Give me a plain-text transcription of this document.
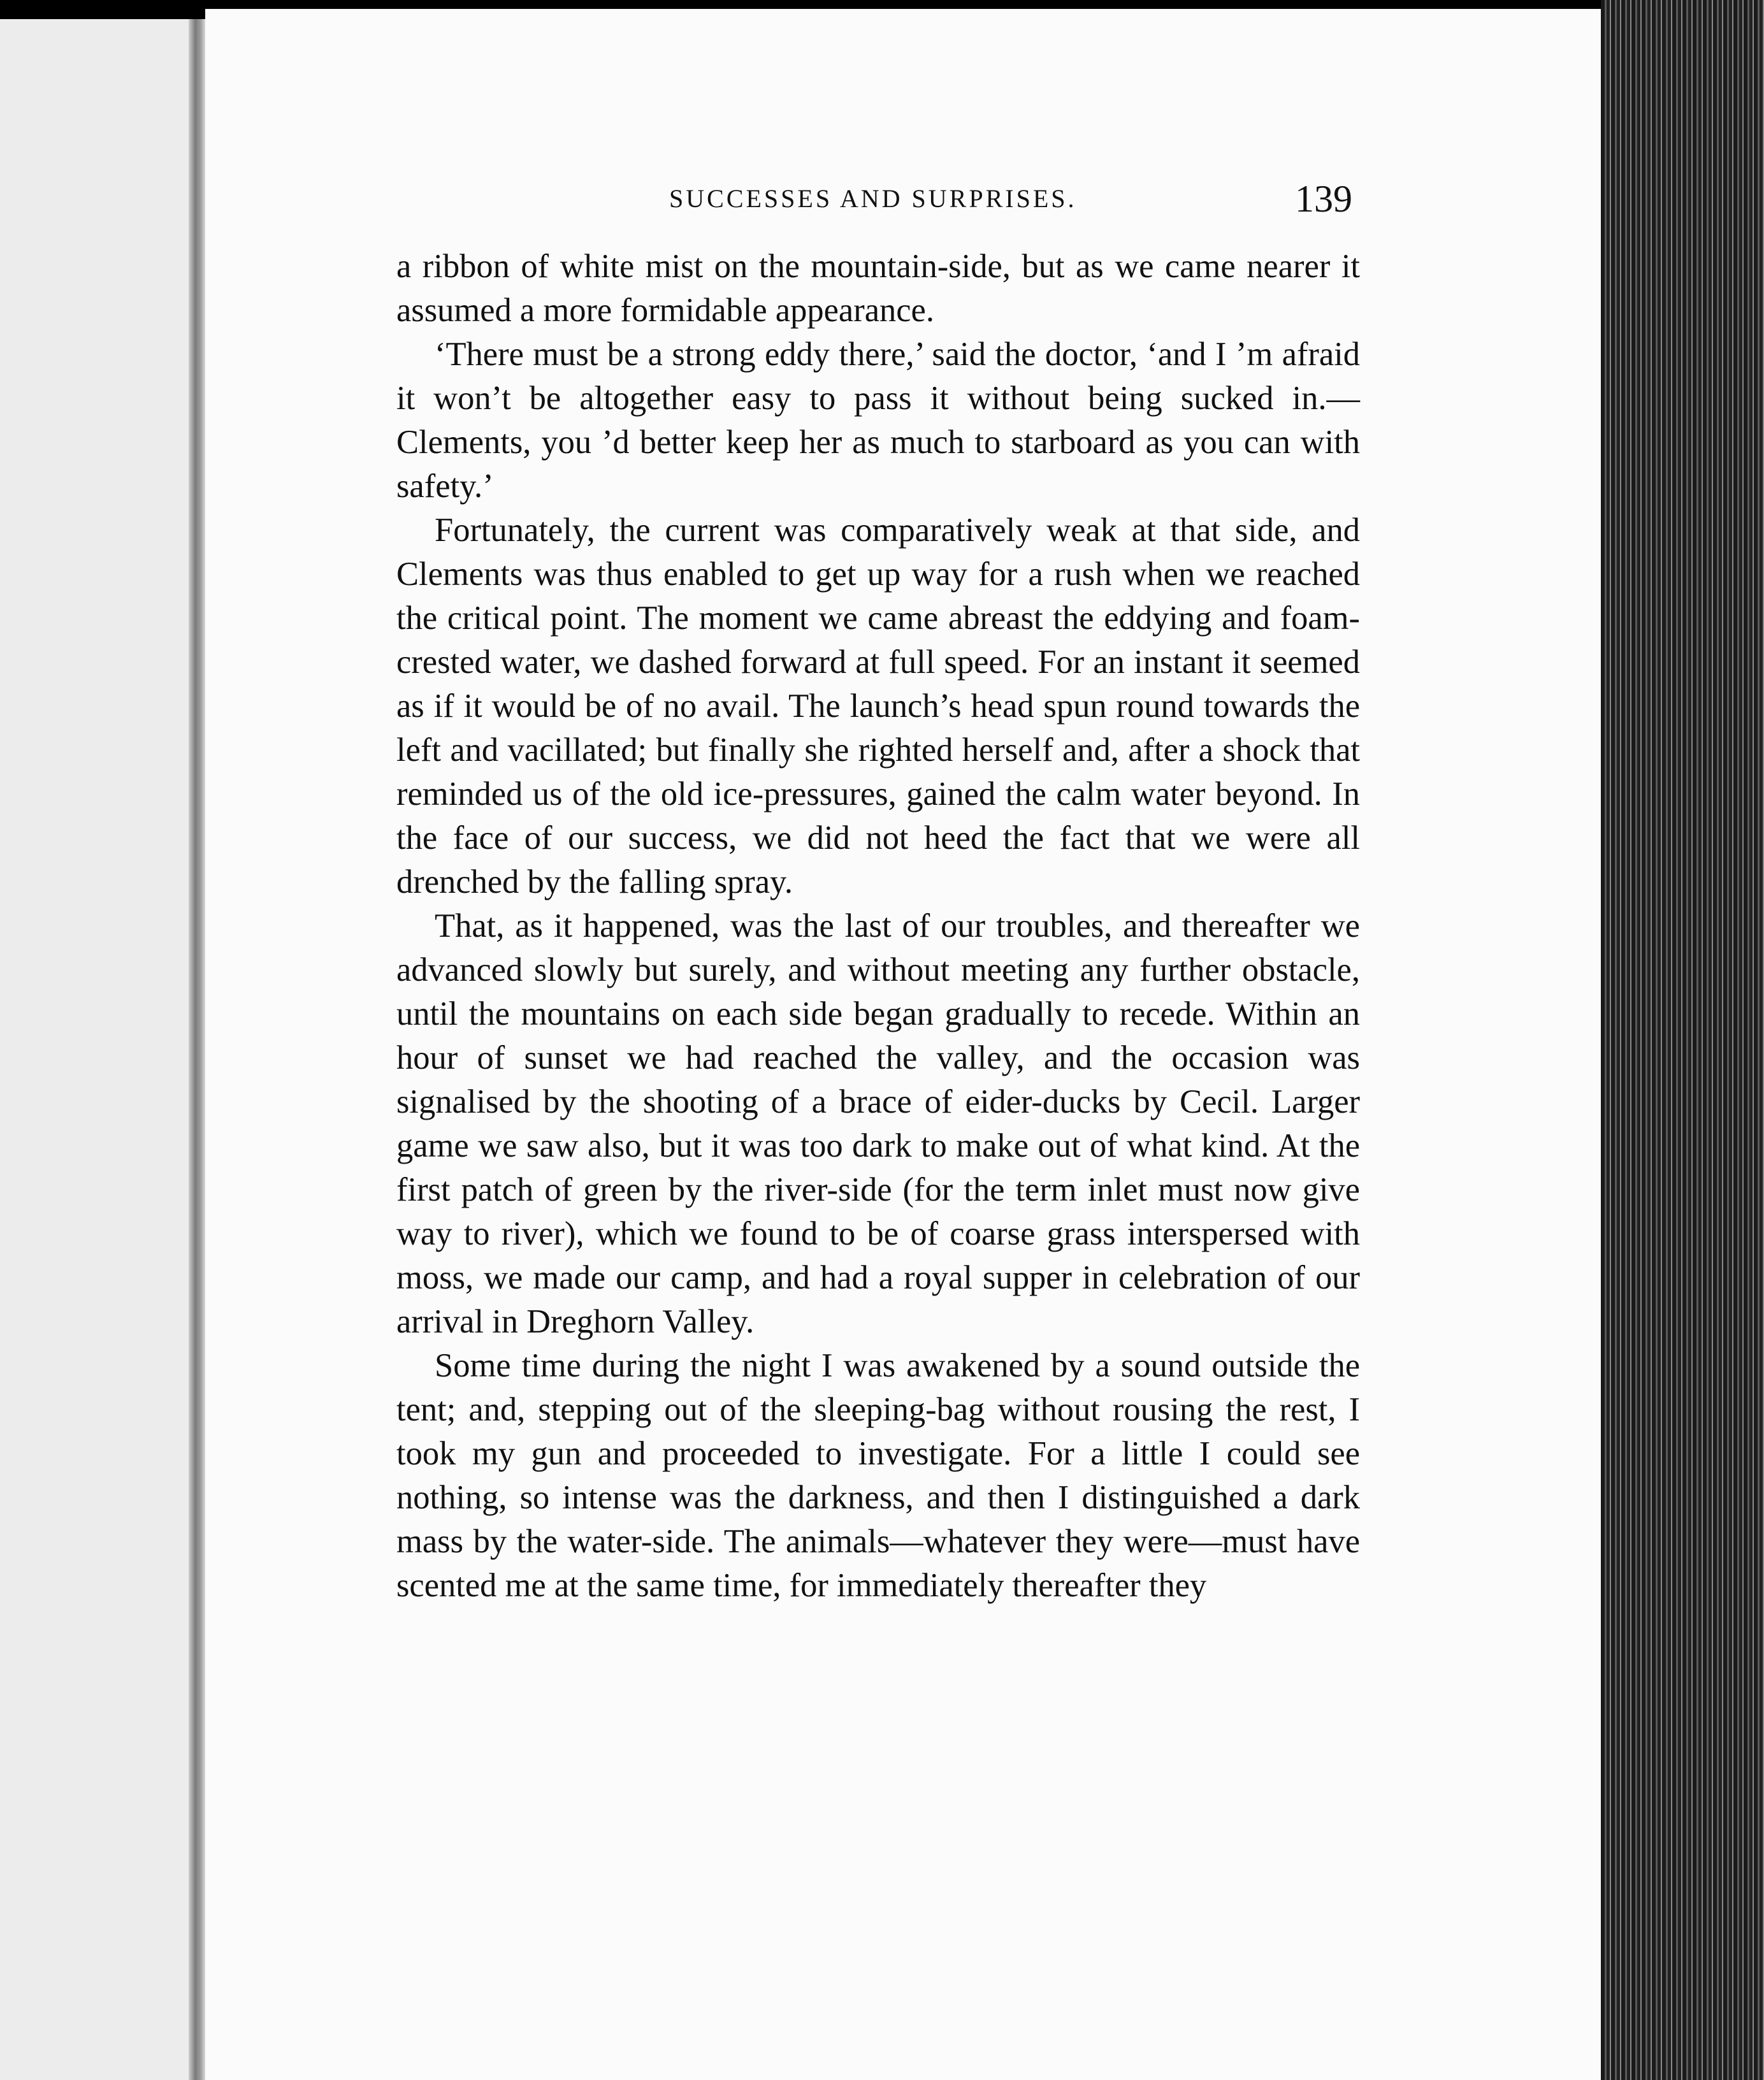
SUCCESSES AND SURPRISES.	139

a ribbon of white mist on the mountain-side, but as we came nearer it assumed a more formidable appearance.

‘There must be a strong eddy there,’ said the doctor, ‘and I ’m afraid it won’t be altogether easy to pass it without being sucked in.—Clements, you ’d better keep her as much to starboard as you can with safety.’

Fortunately, the current was comparatively weak at that side, and Clements was thus enabled to get up way for a rush when we reached the critical point. The moment we came abreast the eddying and foam-crested water, we dashed forward at full speed. For an instant it seemed as if it would be of no avail. The launch’s head spun round towards the left and vacillated; but finally she righted herself and, after a shock that reminded us of the old ice-pressures, gained the calm water beyond. In the face of our success, we did not heed the fact that we were all drenched by the falling spray.

That, as it happened, was the last of our troubles, and thereafter we advanced slowly but surely, and without meeting any further obstacle, until the mountains on each side began gradually to recede. Within an hour of sunset we had reached the valley, and the occasion was signalised by the shooting of a brace of eider-ducks by Cecil. Larger game we saw also, but it was too dark to make out of what kind. At the first patch of green by the river-side (for the term inlet must now give way to river), which we found to be of coarse grass interspersed with moss, we made our camp, and had a royal supper in celebration of our arrival in Dreghorn Valley.

Some time during the night I was awakened by a sound outside the tent; and, stepping out of the sleeping-bag without rousing the rest, I took my gun and proceeded to investigate. For a little I could see nothing, so intense was the darkness, and then I distinguished a dark mass by the water-side. The animals—whatever they were—must have scented me at the same time, for immediately thereafter they
